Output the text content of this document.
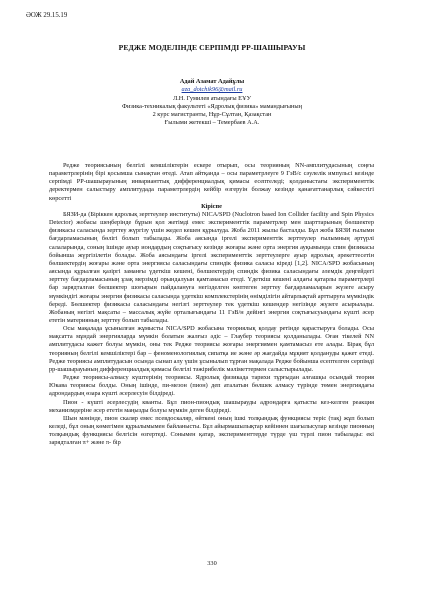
ӘОЖ 29.15.19
РЕДЖЕ МОДЕЛІНДЕ СЕРПІМДІ РР-ШАШЫРАУЫ
Адай Азамат Адайұлы
aza_dotchik96@mail.ru
Л.Н. Гумилев атындағы ЕҰУ
Физика-техникалық факультеті «Ядролық физика» мамандығының
2 курс магистранты, Нұр-Сұлтан, Қазақстан
Ғылыми жетекші – Темербаев А.А.

Редже теориясының белгілі кемшіліктерін ескере отырып, осы теорияның NN-амплитудасының соңғы параметрлерінің бірі қосымша сынақтан өтеді. Атап айтқанда – осы параметрлеуге 9 ГэВ/с сәулелік импульсі кезінде серпімді PP-шашырауының инварианттық дифференциалдық қимасы есептеледі; қолданыстағы эксперименттік деректермен салыстыру амплитудада параметрлердің кейбір өзгеруін болжау кезінде қанағаттанарлық сәйкестігі көрсетті

Кіріспе

БЯЗИ-да (Біріккен ядролық зерттеулер институты) NICA/SPD (Nuclotron based Ion Collider facility and Spin Physics Detector) жобасы шеңберінде бұрын қол жетімді емес эксперименттік параметрлер мен шарттарының бөлшектер физикасы саласында зерттеу жүргізу үшін жедел кешен құрылуда. Жоба 2011 жылы басталды. Бұл жоба БЯЗИ ғылыми бағдарламасының бөлігі болып табылады. Жоба аясында іргелі эксперименттік зерттеулер ғылымның әртүрлі салаларында, соның ішінде ауыр иондардың соқтығысу кезінде жоғары және орта энергия ауқымында спин физикасы бойынша жүргізілетін болады. Жоба аясындағы іргелі эксперименттік зерттеулерге ауыр ядролық әрекеттесетін бөлшектердің жоғары және орта энергиясы саласындағы спиндік физика саласы кіреді [1,2]. NICA/SPD жобасының аясында құрылған қазіргі заманғы үдеткіш кешені, бөлшектердің спиндік физика саласындағы әлемдік деңгейдегі зерттеу бағдарламасының ұзақ мерзімді орындалуын қамтамасыз етеді. Үдеткіш кешені алдағы қатарлы параметрлері бар зарядталған бөлшектер шоғырын пайдалануға негізделген көптеген зерттеу бағдарламаларын жүзеге асыру мүмкіндігі жоғары энергия физикасы саласында үдеткіш комплекстерінің өнімділігін айтарлықтай арттыруға мүмкіндік береді. Бөлшектер физикасы саласындағы негізгі зерттеулер тек үдеткіш кешендер негізінде жүзеге асырылады. Жобаның негізгі мақсаты – массалық жүйе орталығындағы 11 ГэВ/н дейінгі энергия соқтығысуындағы күшті әсер ететін материяның зерттеу болып табылады.

Осы мақалада ұсынылған жұмысты NICA/SPD жобасына теориялық қолдау ретінде қарастыруға болады. Осы мақсатта мұндай энергияларда мүмкін болатын жалғыз әдіс – Глаубер теориясы қолданылады. Оған тікелей NN амплитудасы кажет болуы мүмкін, оны тек Редже теориясы жоғары энергиямен қамтамасыз ете алады. Бірақ бұл теорияның белгілі кемшіліктері бар – феноменологиялық сипатқа ие және әр жағдайда мұқият қолдануды қажет етеді. Редже теориясы амплитудасын осында сынап алу үшін ұсынылып тұрған мақалада Редже бойынша есептелген серпімді рр-шашырауының дифференциалдық қимасы белгілі тәжірибелік мәліметтермен салыстырылады.

Редже теориясы-алмасу күштерінің теориясы. Ядролық физикада тарихи тұрғыдан алғашқы осындай теория Юкава теориясы болды. Оның ішінде, пи-мезон (пион) деп аталатын бөлшек алмасу түрінде төмен энергиядағы адрондардың өзара күшті әсерлесуін білдіреді.

Пион - күшті әсерлесудің кванты. Бұл пион-пиондық шашырауды адрондарға қатысты кез-келген реакция механизмдеріне әсер ететін маңызды болуы мүмкін деген білдіреді.

Шын мәнінде, пион скаляр емес псевдоскаляр, өйткені оның ішкі толқындық функциясы теріс (тақ) жұп болып келеді, бұл оның көмегімен құрылымымен байланысты. Бұл айырмашылықтар кейіннен шағылысулар кезінде пионның толқындық функциясы белгісін өзгертеді. Сонымен қатар, эксперименттерде түрде үш түрлі пион табылады: екі зарядталған π+ және π- бір

330
